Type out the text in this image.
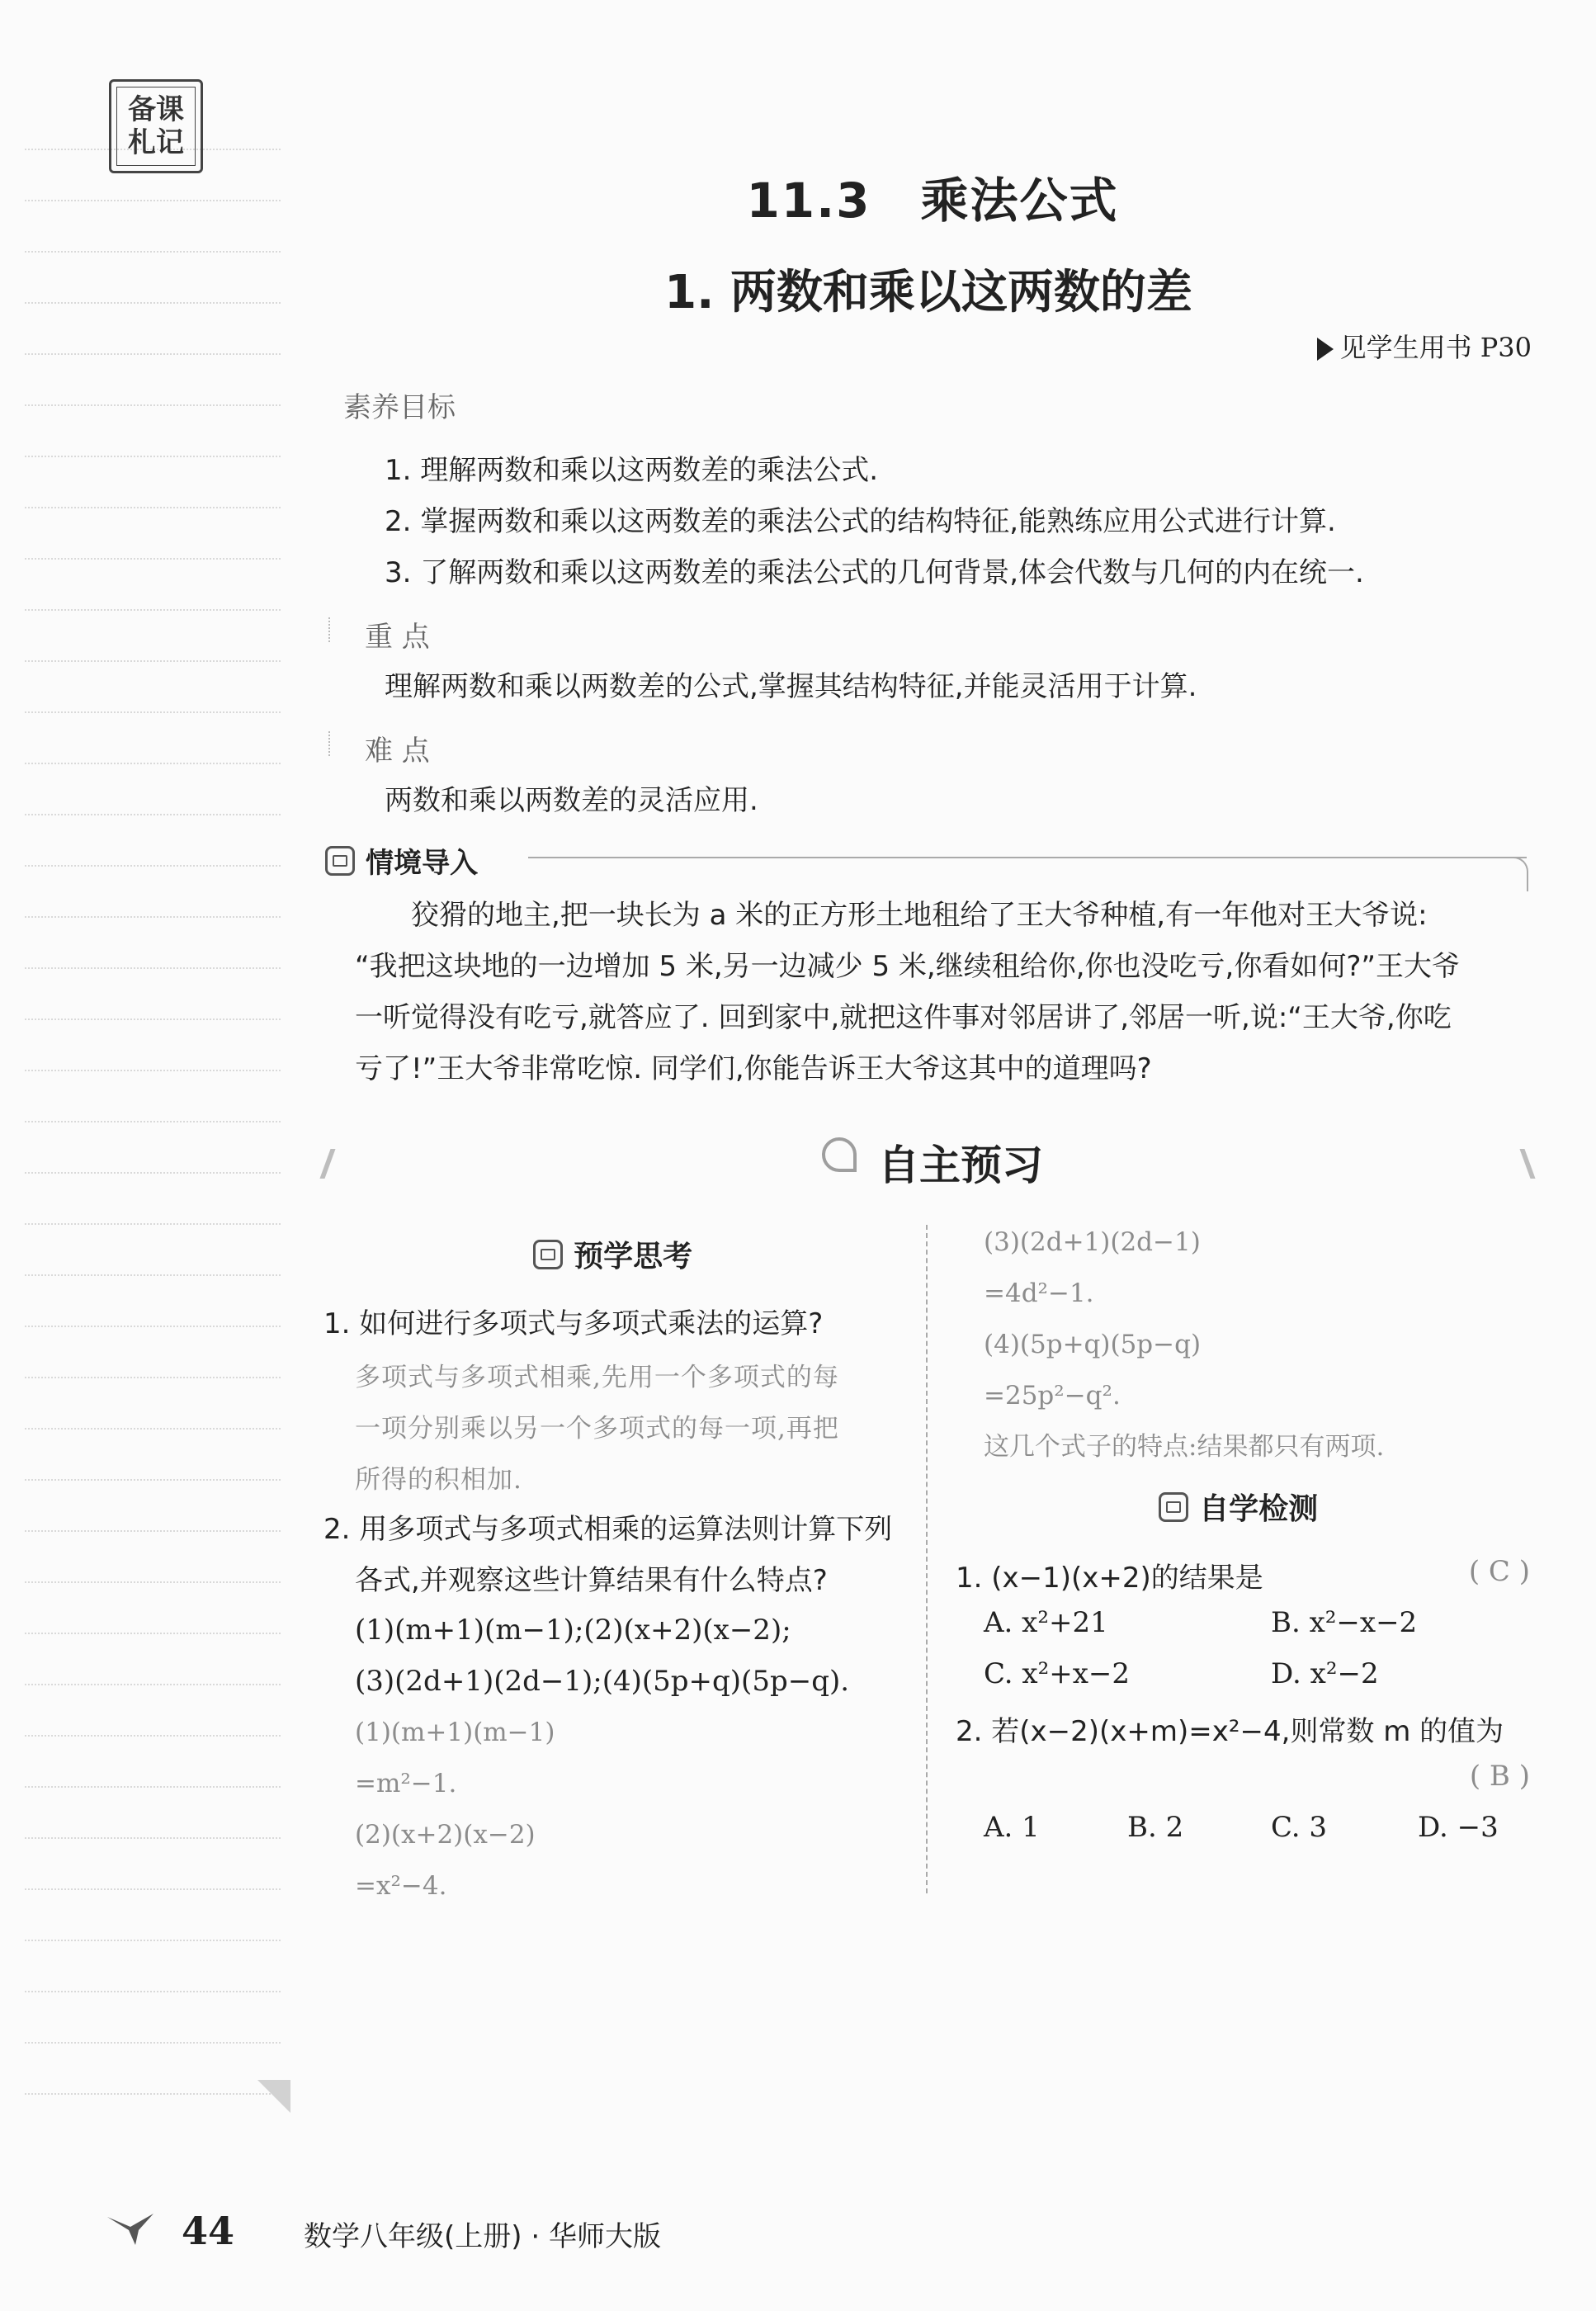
备课
札记
11.3　乘法公式
1. 两数和乘以这两数的差
见学生用书 P30
素养目标
1. 理解两数和乘以这两数差的乘法公式.
2. 掌握两数和乘以这两数差的乘法公式的结构特征,能熟练应用公式进行计算.
3. 了解两数和乘以这两数差的乘法公式的几何背景,体会代数与几何的内在统一.
重 点
理解两数和乘以两数差的公式,掌握其结构特征,并能灵活用于计算.
难 点
两数和乘以两数差的灵活应用.
情境导入
狡猾的地主,把一块长为 a 米的正方形土地租给了王大爷种植,有一年他对王大爷说:
“我把这块地的一边增加 5 米,另一边减少 5 米,继续租给你,你也没吃亏,你看如何?”王大爷
一听觉得没有吃亏,就答应了. 回到家中,就把这件事对邻居讲了,邻居一听,说:“王大爷,你吃
亏了!”王大爷非常吃惊. 同学们,你能告诉王大爷这其中的道理吗?
自主预习
预学思考
1. 如何进行多项式与多项式乘法的运算?
多项式与多项式相乘,先用一个多项式的每
一项分别乘以另一个多项式的每一项,再把
所得的积相加.
2. 用多项式与多项式相乘的运算法则计算下列
各式,并观察这些计算结果有什么特点?
(1)(m+1)(m−1);(2)(x+2)(x−2);
(3)(2d+1)(2d−1);(4)(5p+q)(5p−q).
(1)(m+1)(m−1)
=m²−1.
(2)(x+2)(x−2)
=x²−4.
(3)(2d+1)(2d−1)
=4d²−1.
(4)(5p+q)(5p−q)
=25p²−q².
这几个式子的特点:结果都只有两项.
自学检测
1. (x−1)(x+2)的结果是	( C )
A. x²+21	B. x²−x−2
C. x²+x−2	D. x²−2
2. 若(x−2)(x+m)=x²−4,则常数 m 的值为
( B )
A. 1	B. 2	C. 3	D. −3
44 数学八年级(上册) · 华师大版
